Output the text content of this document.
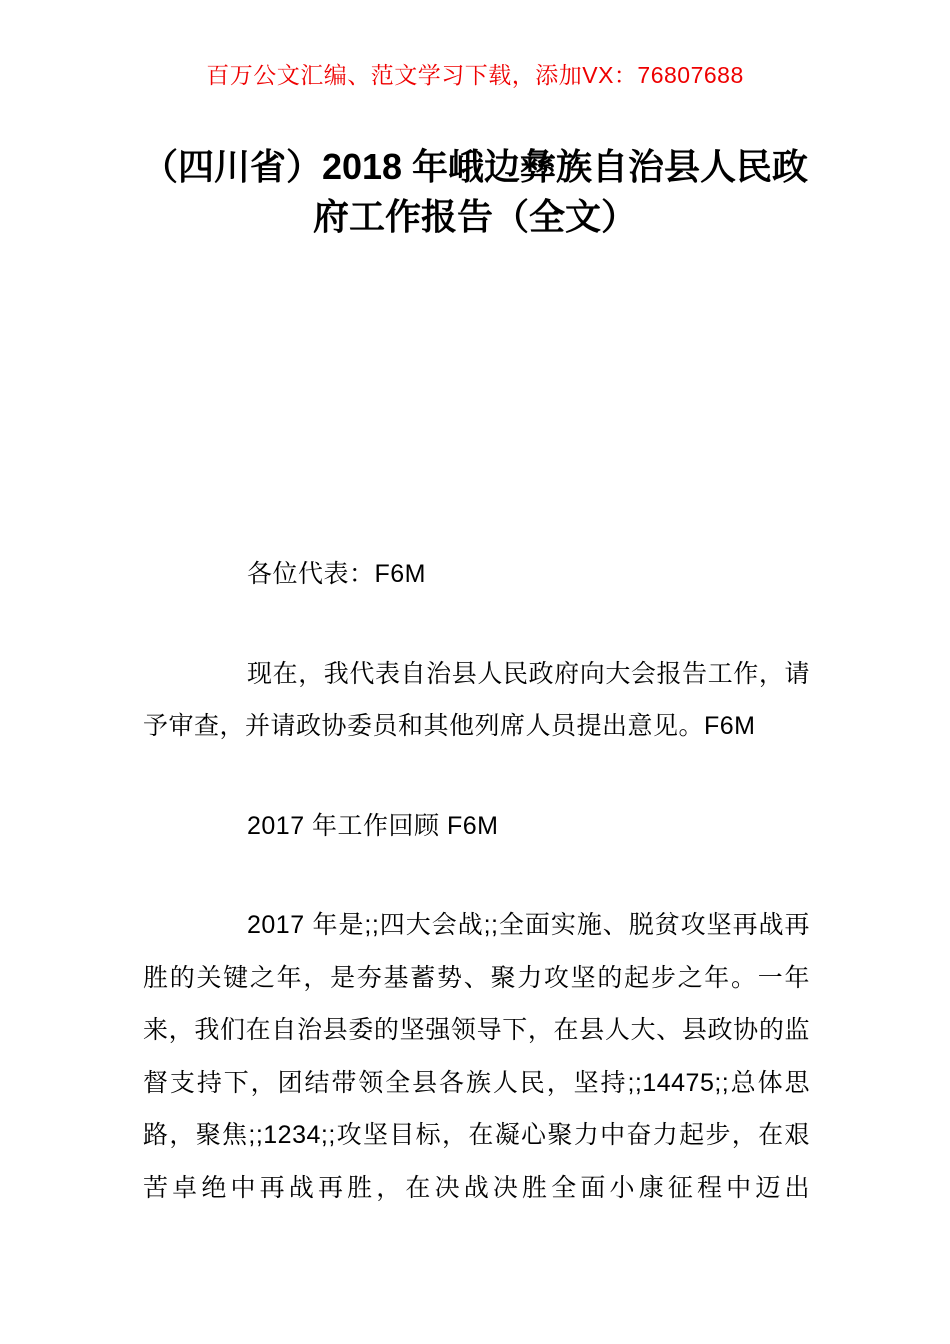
百万公文汇编、范文学习下载，添加VX：76807688
（四川省）2018 年峨边彝族自治县人民政
府工作报告（全文）

各位代表：F6M

现在，我代表自治县人民政府向大会报告工作，请予审查，并请政协委员和其他列席人员提出意见。F6M

2017 年工作回顾 F6M

2017 年是;;四大会战;;全面实施、脱贫攻坚再战再胜的关键之年，是夯基蓄势、聚力攻坚的起步之年。一年来，我们在自治县委的坚强领导下，在县人大、县政协的监督支持下，团结带领全县各族人民，坚持;;14475;;总体思路，聚焦;;1234;;攻坚目标，在凝心聚力中奋力起步，在艰苦卓绝中再战再胜，在决战决胜全面小康征程中迈出
